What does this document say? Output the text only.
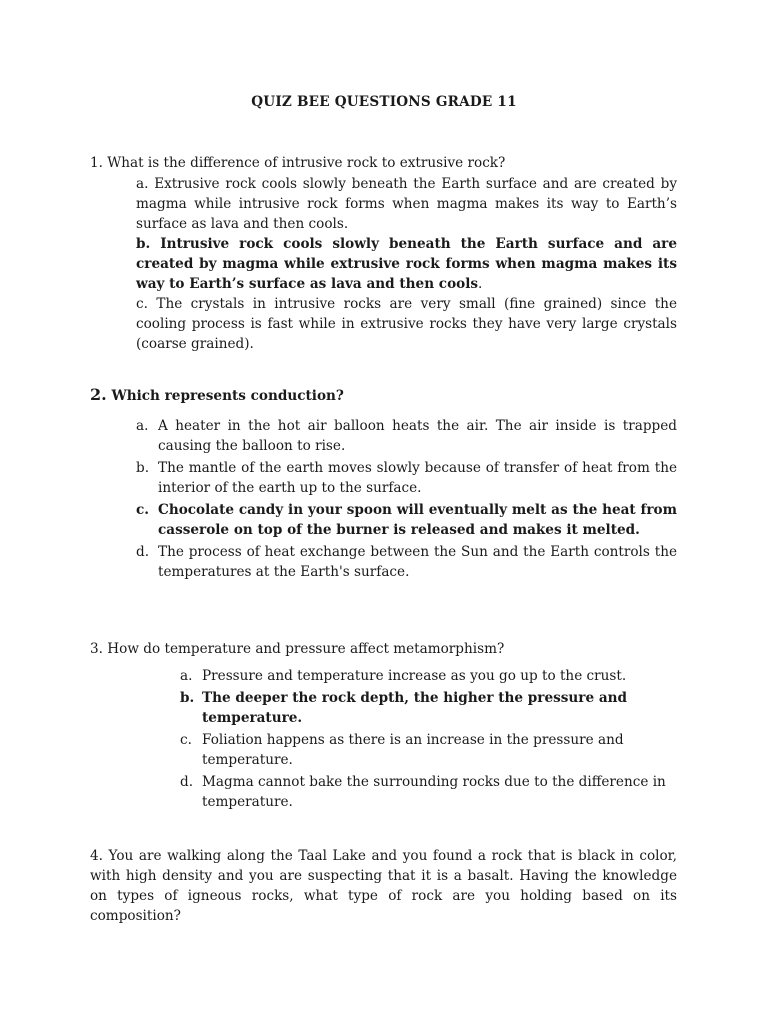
QUIZ BEE QUESTIONS GRADE 11

1. What is the difference of intrusive rock to extrusive rock?

a. Extrusive rock cools slowly beneath the Earth surface and are created by magma while intrusive rock forms when magma makes its way to Earth’s surface as lava and then cools.

b. Intrusive rock cools slowly beneath the Earth surface and are created by magma while extrusive rock forms when magma makes its way to Earth’s surface as lava and then cools.

c. The crystals in intrusive rocks are very small (fine grained) since the cooling process is fast while in extrusive rocks they have very large crystals (coarse grained).

2. Which represents conduction?

a. A heater in the hot air balloon heats the air. The air inside is trapped causing the balloon to rise.

b. The mantle of the earth moves slowly because of transfer of heat from the interior of the earth up to the surface.

c. Chocolate candy in your spoon will eventually melt as the heat from casserole on top of the burner is released and makes it melted.

d. The process of heat exchange between the Sun and the Earth controls the temperatures at the Earth's surface.

3. How do temperature and pressure affect metamorphism?

a. Pressure and temperature increase as you go up to the crust.

b. The deeper the rock depth, the higher the pressure and temperature.

c. Foliation happens as there is an increase in the pressure and temperature.

d. Magma cannot bake the surrounding rocks due to the difference in temperature.

4. You are walking along the Taal Lake and you found a rock that is black in color, with high density and you are suspecting that it is a basalt. Having the knowledge on types of igneous rocks, what type of rock are you holding based on its composition?
